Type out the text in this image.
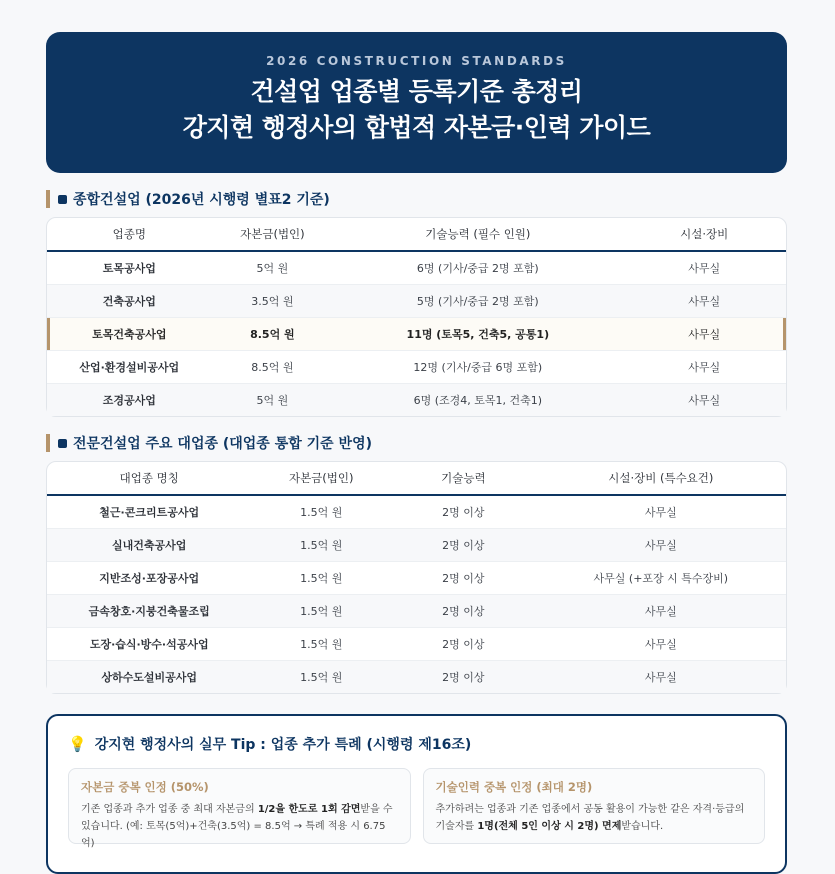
2026 CONSTRUCTION STANDARDS
건설업 업종별 등록기준 총정리
강지현 행정사의 합법적 자본금·인력 가이드
종합건설업 (2026년 시행령 별표2 기준)
업종명	자본금(법인)	기술능력 (필수 인원)	시설·장비
토목공사업	5억 원	6명 (기사/중급 2명 포함)	사무실
건축공사업	3.5억 원	5명 (기사/중급 2명 포함)	사무실
토목건축공사업	8.5억 원	11명 (토목5, 건축5, 공통1)	사무실
산업·환경설비공사업	8.5억 원	12명 (기사/중급 6명 포함)	사무실
조경공사업	5억 원	6명 (조경4, 토목1, 건축1)	사무실
전문건설업 주요 대업종 (대업종 통합 기준 반영)
대업종 명칭	자본금(법인)	기술능력	시설·장비 (특수요건)
철근·콘크리트공사업	1.5억 원	2명 이상	사무실
실내건축공사업	1.5억 원	2명 이상	사무실
지반조성·포장공사업	1.5억 원	2명 이상	사무실 (+포장 시 특수장비)
금속창호·지붕건축물조립	1.5억 원	2명 이상	사무실
도장·습식·방수·석공사업	1.5억 원	2명 이상	사무실
상하수도설비공사업	1.5억 원	2명 이상	사무실
💡 강지현 행정사의 실무 Tip : 업종 추가 특례 (시행령 제16조)
자본금 중복 인정 (50%)
기존 업종과 추가 업종 중 최대 자본금의 1/2을 한도로 1회 감면받을 수 있습니다. (예: 토목(5억)+건축(3.5억) = 8.5억 → 특례 적용 시 6.75억)
기술인력 중복 인정 (최대 2명)
추가하려는 업종과 기존 업종에서 공동 활용이 가능한 같은 자격·등급의 기술자를 1명(전체 5인 이상 시 2명) 면제받습니다.
